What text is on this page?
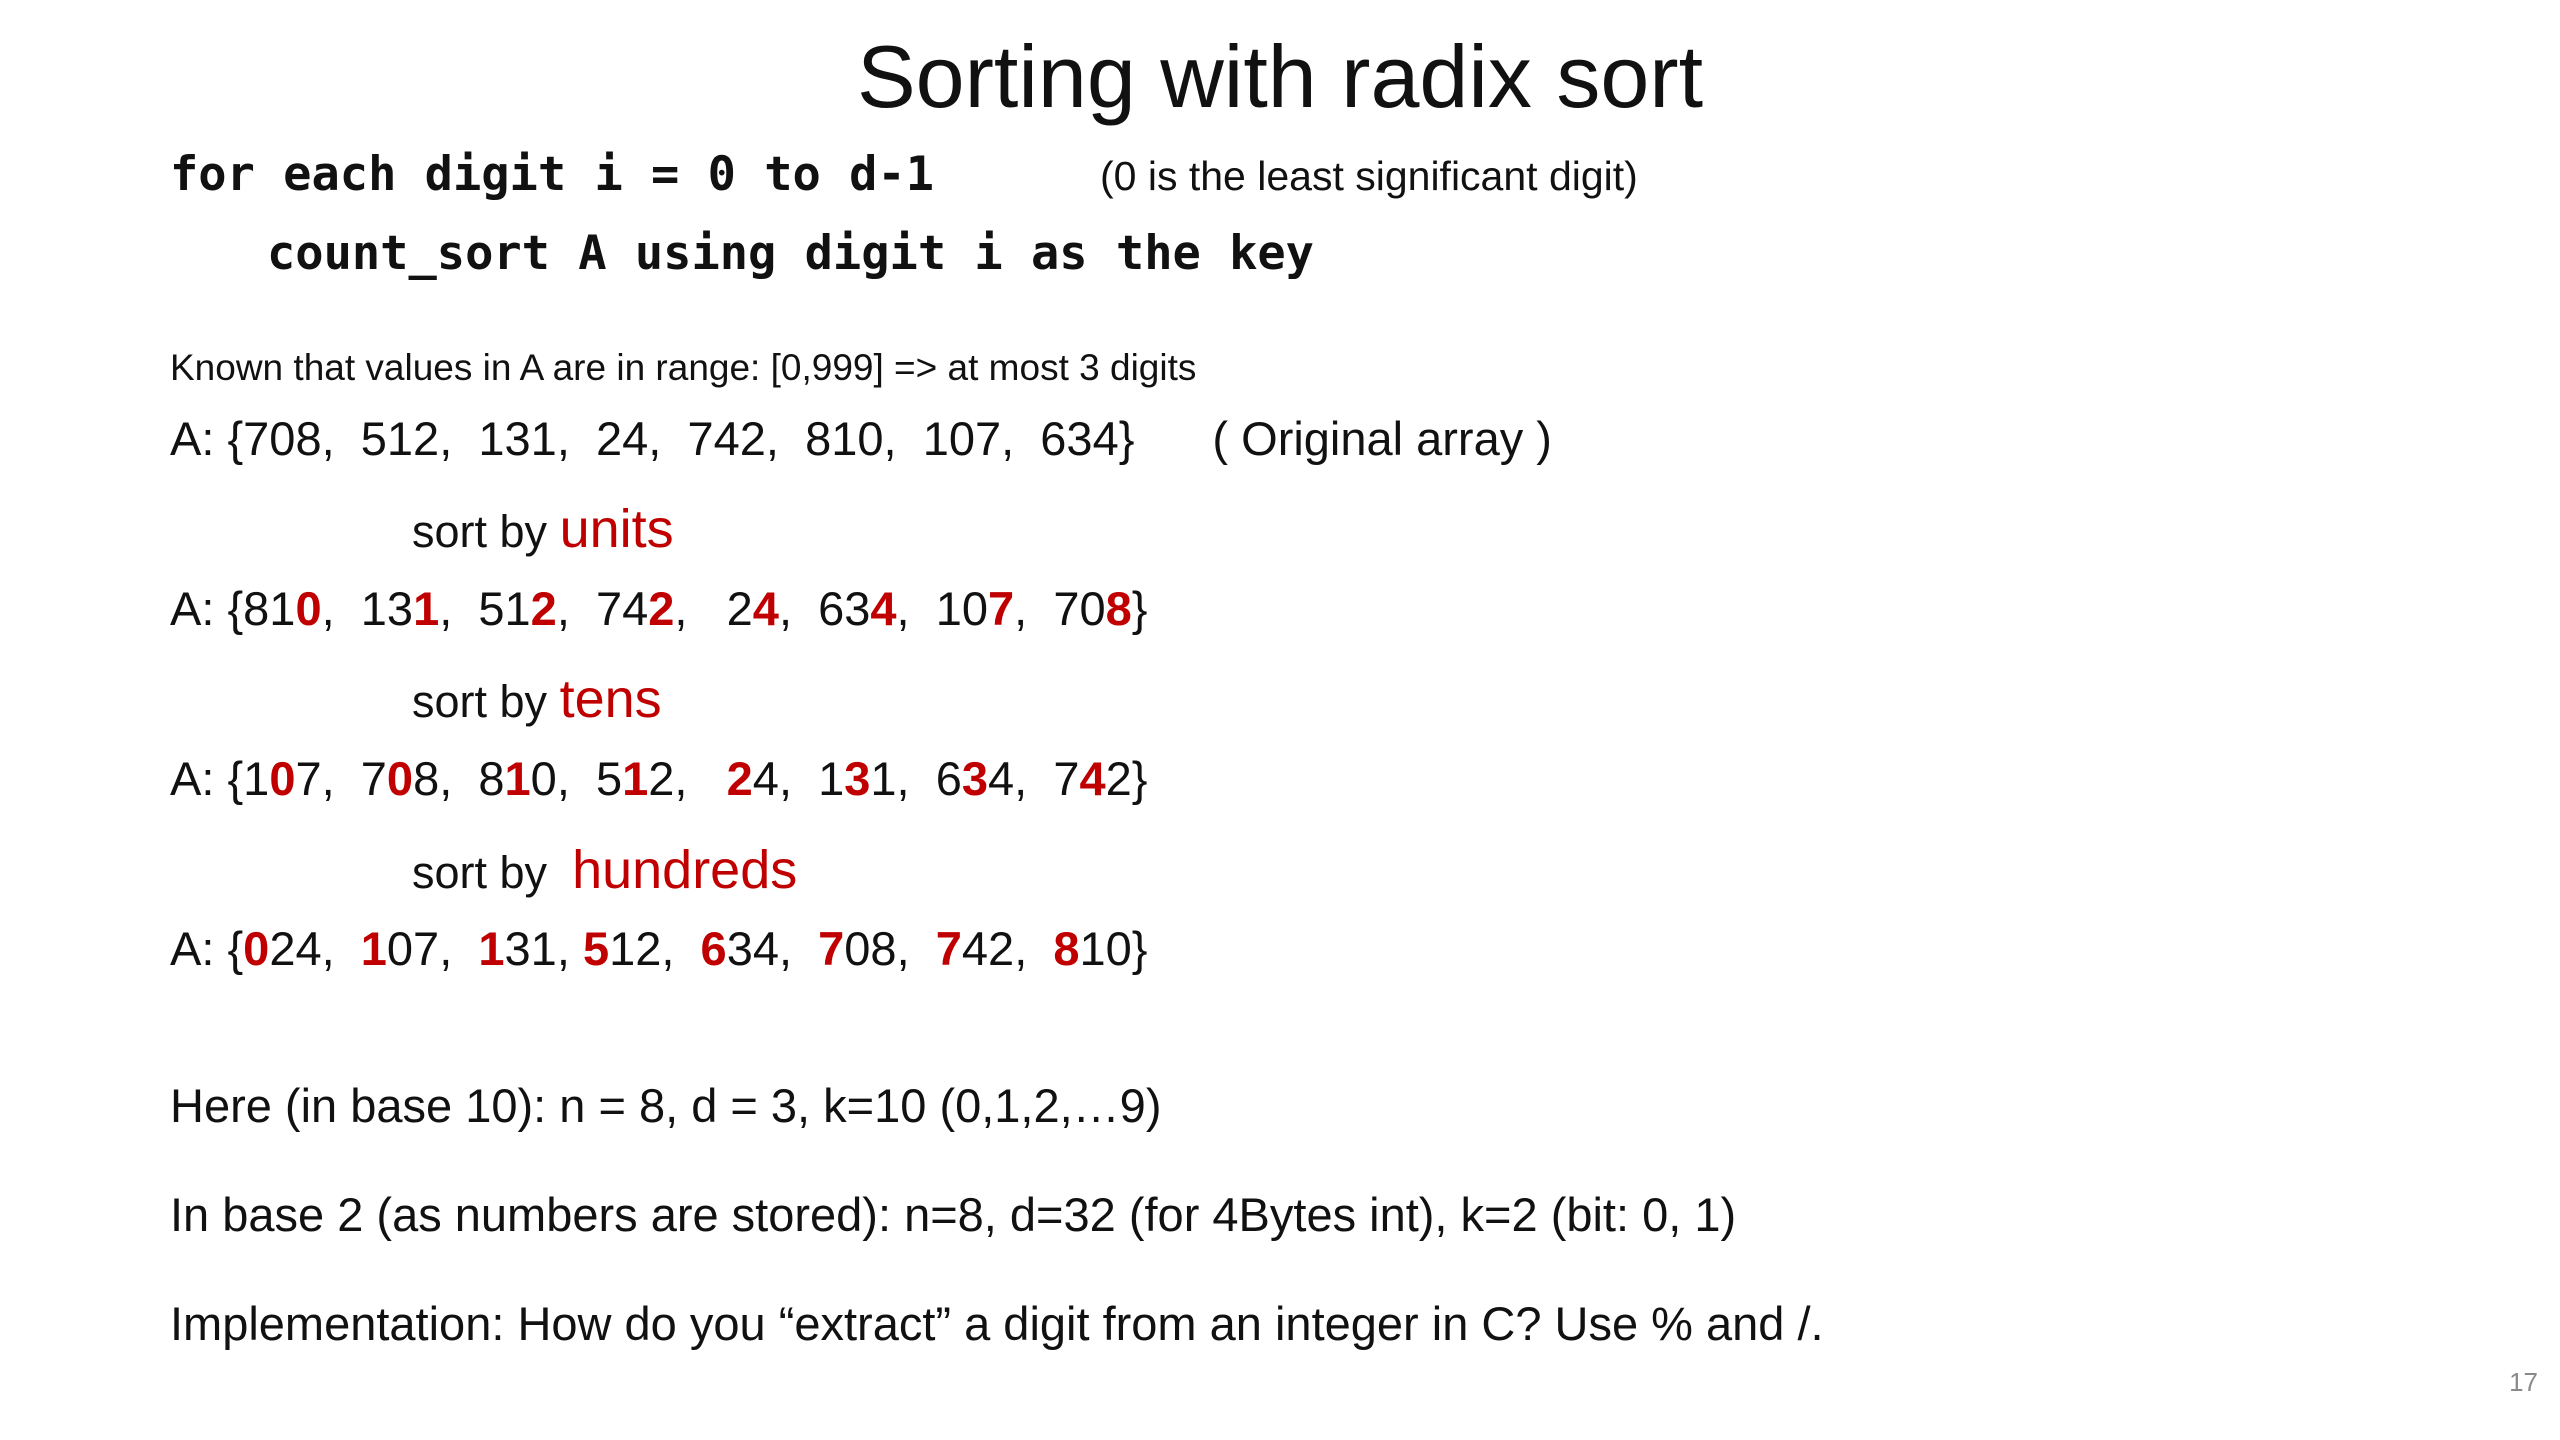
Sorting with radix sort
for each digit i = 0 to d-1	(0 is the least significant digit)
count_sort A using digit i as the key
Known that values in A are in range: [0,999] => at most 3 digits
A: {708,  512,  131,  24,  742,  810,  107,  634} ( Original array )
sort by units
A: {810,  131,  512,  742,   24,  634,  107,  708}
sort by tens
A: {107,  708,  810,  512,   24,  131,  634,  742}
sort by hundreds
A: {024,  107,  131, 512,  634,  708,  742,  810}
Here (in base 10): n = 8, d = 3, k=10 (0,1,2,…9)
In base 2 (as numbers are stored): n=8, d=32 (for 4Bytes int), k=2 (bit: 0, 1)
Implementation: How do you “extract” a digit from an integer in C? Use % and /.
17
